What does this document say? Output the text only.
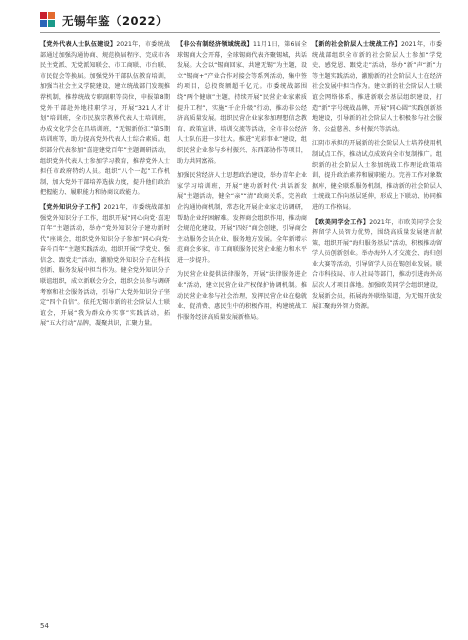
无锡年鉴（2022）
【党外代表人士队伍建设】2021年，市委统战部通过加强沟通协商、规范换届程序、完成市各民主党派、无党派知联会、市工商联、市台联、市民促会等换届。加强党外干部队伍教育培训，加强当社会主义学院建设，建立统战部门发现推荐机制，推荐统战专职副职等岗位，申报第8期党外干部赴外地挂职学习，开展“321人才计划”培训班，全市民族宗教界代表人士培训班，办成文化学会在昌培训班，“无锡新侨汇”第5期培训班等，助力提高党外代表人士综合素质。组织部分代表参加“喜迎建党百年”主题调研活动，组织党外代表人士参加学习教育，推荐党外人士担任市政府特约人员。组织“八个一起”工作机制，加大党外干部培养选拔力度，提升他们政治把握能力、履职能力和协商议政能力。
【党外知识分子工作】2021年，市委统战部加强党外知识分子工作，组织开展“同心向党·喜迎百年”主题活动，举办“党外知识分子建功新时代”座谈会，组织党外知识分子参加“同心向党·奋斗百年”主题实践活动，组织开展“学党史、强信念、跟党走”活动，激励党外知识分子在科技创新、服务发展中担当作为。健全党外知识分子联谊组织，成立新联会分会，组织会员参与调研考察和社会服务活动，引导广大党外知识分子坚定“四个自信”。依托无锡市新的社会阶层人士联谊会，开展“我为群众办实事”实践活动，拓展“五大行动”品牌，凝聚共识，汇聚力量。
【非公有制经济领域统战】11月1日，第6届全球锡商大会开幕，全球锡商代表齐聚锡城，共话发展。大会以“锡商回家、共建无锡”为主题，设立“锡商+”产业合作对接会等系列活动，集中签约项目，总投资额超千亿元。市委统战部围绕“两个健康”主题，持续开展“民营企业家素质提升工程”，实施“千企升级”行动，推动非公经济高质量发展。组织民营企业家参加理想信念教育、政策宣讲、培训交流等活动，全市非公经济人士队伍进一步壮大。推进“光彩事业”建设，组织民营企业参与乡村振兴、东西部协作等项目，助力共同富裕。
加强民营经济人士思想政治建设，举办青年企业家学习培训班，开展“建功新时代·共话新发展”主题活动，健全“亲”“清”政商关系，完善政企沟通协商机制，常态化开展企业家走访调研，帮助企业纾困解难。发挥商会组织作用，推动商会规范化建设，开展“四好”商会创建，引导商会主动服务会员企业、服务地方发展。全年新增示范商会多家，市工商联服务民营企业能力和水平进一步提升。
为民营企业提供法律服务，开展“法律服务进企业”活动，建立民营企业产权保护协调机制。推动民营企业参与社会治理，发挥民营企业在稳就业、促消费、惠民生中的积极作用，构建统战工作服务经济高质量发展新格局。
【新的社会阶层人士统战工作】2021年，市委统战部组织全市新的社会阶层人士参加“学党史、感党恩、跟党走”活动，举办“新”声“新”力等主题实践活动，激励新的社会阶层人士在经济社会发展中担当作为。建立新的社会阶层人士联谊会网络体系，推进新联会基层组织建设，打造“新”字号统战品牌，开展“同心圆”实践创新基地建设，引导新的社会阶层人士积极参与社会服务、公益慈善、乡村振兴等活动。
江阴市承担的开展新的社会阶层人士培养使用机制试点工作，推动试点成效向全市复制推广。组织新的社会阶层人士参加统战工作理论政策培训，提升政治素养和履职能力。完善工作对象数据库，健全联系服务机制，推动新的社会阶层人士统战工作向基层延伸，形成上下联动、协同推进的工作格局。
【欧美同学会工作】2021年，市欧美同学会发挥留学人员智力优势，围绕高质量发展建言献策，组织开展“海归服务基层”活动，积极推动留学人员创新创业。举办海外人才交流会、海归创业大赛等活动，引导留学人员在锡创业发展。联合市科技局、市人社局等部门，推动引进海外高层次人才项目落地。加强欧美同学会组织建设，发展新会员，拓展海外联络渠道，为无锡开放发展汇聚海外智力资源。
54
